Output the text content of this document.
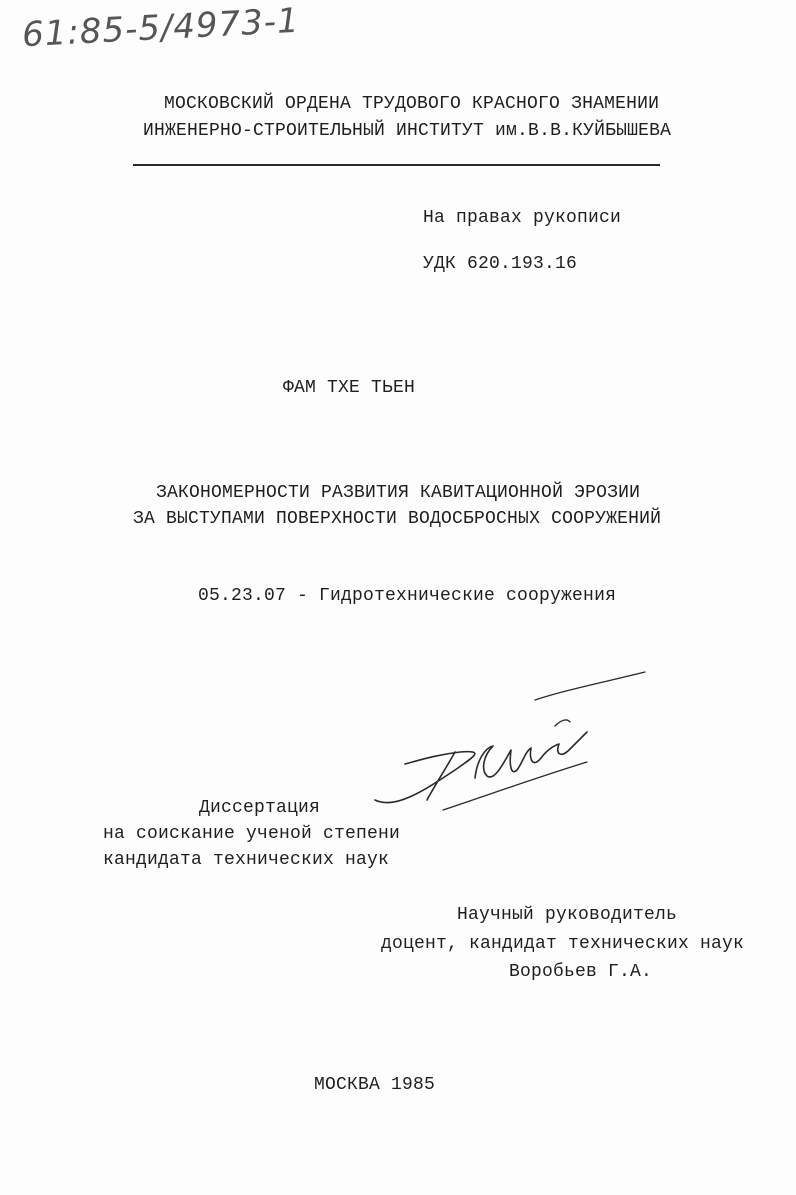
61:85-5/4973-1
МОСКОВСКИЙ ОРДЕНА ТРУДОВОГО КРАСНОГО ЗНАМЕНИИ
ИНЖЕНЕРНО-СТРОИТЕЛЬНЫЙ ИНСТИТУТ им.В.В.КУЙБЫШЕВА
На правах рукописи
УДК 620.193.16
ФАМ ТХЕ ТЬЕН
ЗАКОНОМЕРНОСТИ РАЗВИТИЯ КАВИТАЦИОННОЙ ЭРОЗИИ
ЗА ВЫСТУПАМИ ПОВЕРХНОСТИ ВОДОСБРОСНЫХ СООРУЖЕНИЙ
05.23.07 - Гидротехнические сооружения
Диссертация
на соискание ученой степени
кандидата технических наук
Научный руководитель
доцент, кандидат технических наук
Воробьев Г.А.
МОСКВА 1985
